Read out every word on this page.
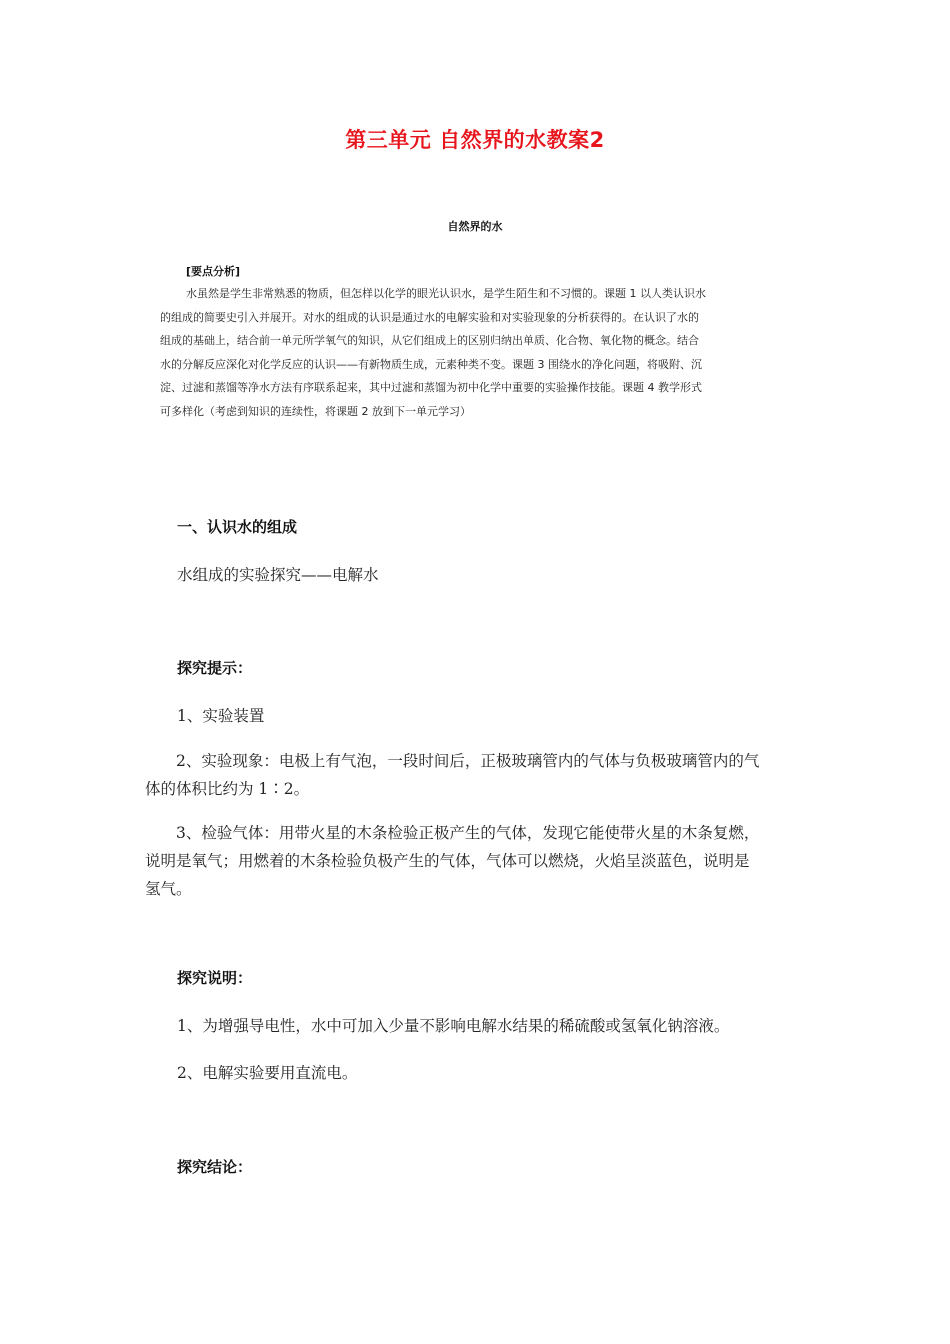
第三单元 自然界的水教案2
自然界的水
[要点分析]
水虽然是学生非常熟悉的物质，但怎样以化学的眼光认识水，是学生陌生和不习惯的。课题 1 以人类认识水
的组成的简要史引入并展开。对水的组成的认识是通过水的电解实验和对实验现象的分析获得的。在认识了水的
组成的基础上，结合前一单元所学氧气的知识，从它们组成上的区别归纳出单质、化合物、氧化物的概念。结合
水的分解反应深化对化学反应的认识——有新物质生成，元素种类不变。课题 3 围绕水的净化问题，将吸附、沉
淀、过滤和蒸馏等净水方法有序联系起来，其中过滤和蒸馏为初中化学中重要的实验操作技能。课题 4 教学形式
可多样化（考虑到知识的连续性，将课题 2 放到下一单元学习）
一、认识水的组成
水组成的实验探究——电解水
探究提示：
1、实验装置
2、实验现象：电极上有气泡，一段时间后，正极玻璃管内的气体与负极玻璃管内的气
体的体积比约为 1∶2。
3、检验气体：用带火星的木条检验正极产生的气体，发现它能使带火星的木条复燃，
说明是氧气；用燃着的木条检验负极产生的气体，气体可以燃烧，火焰呈淡蓝色，说明是
氢气。
探究说明：
1、为增强导电性，水中可加入少量不影响电解水结果的稀硫酸或氢氧化钠溶液。
2、电解实验要用直流电。
探究结论：
